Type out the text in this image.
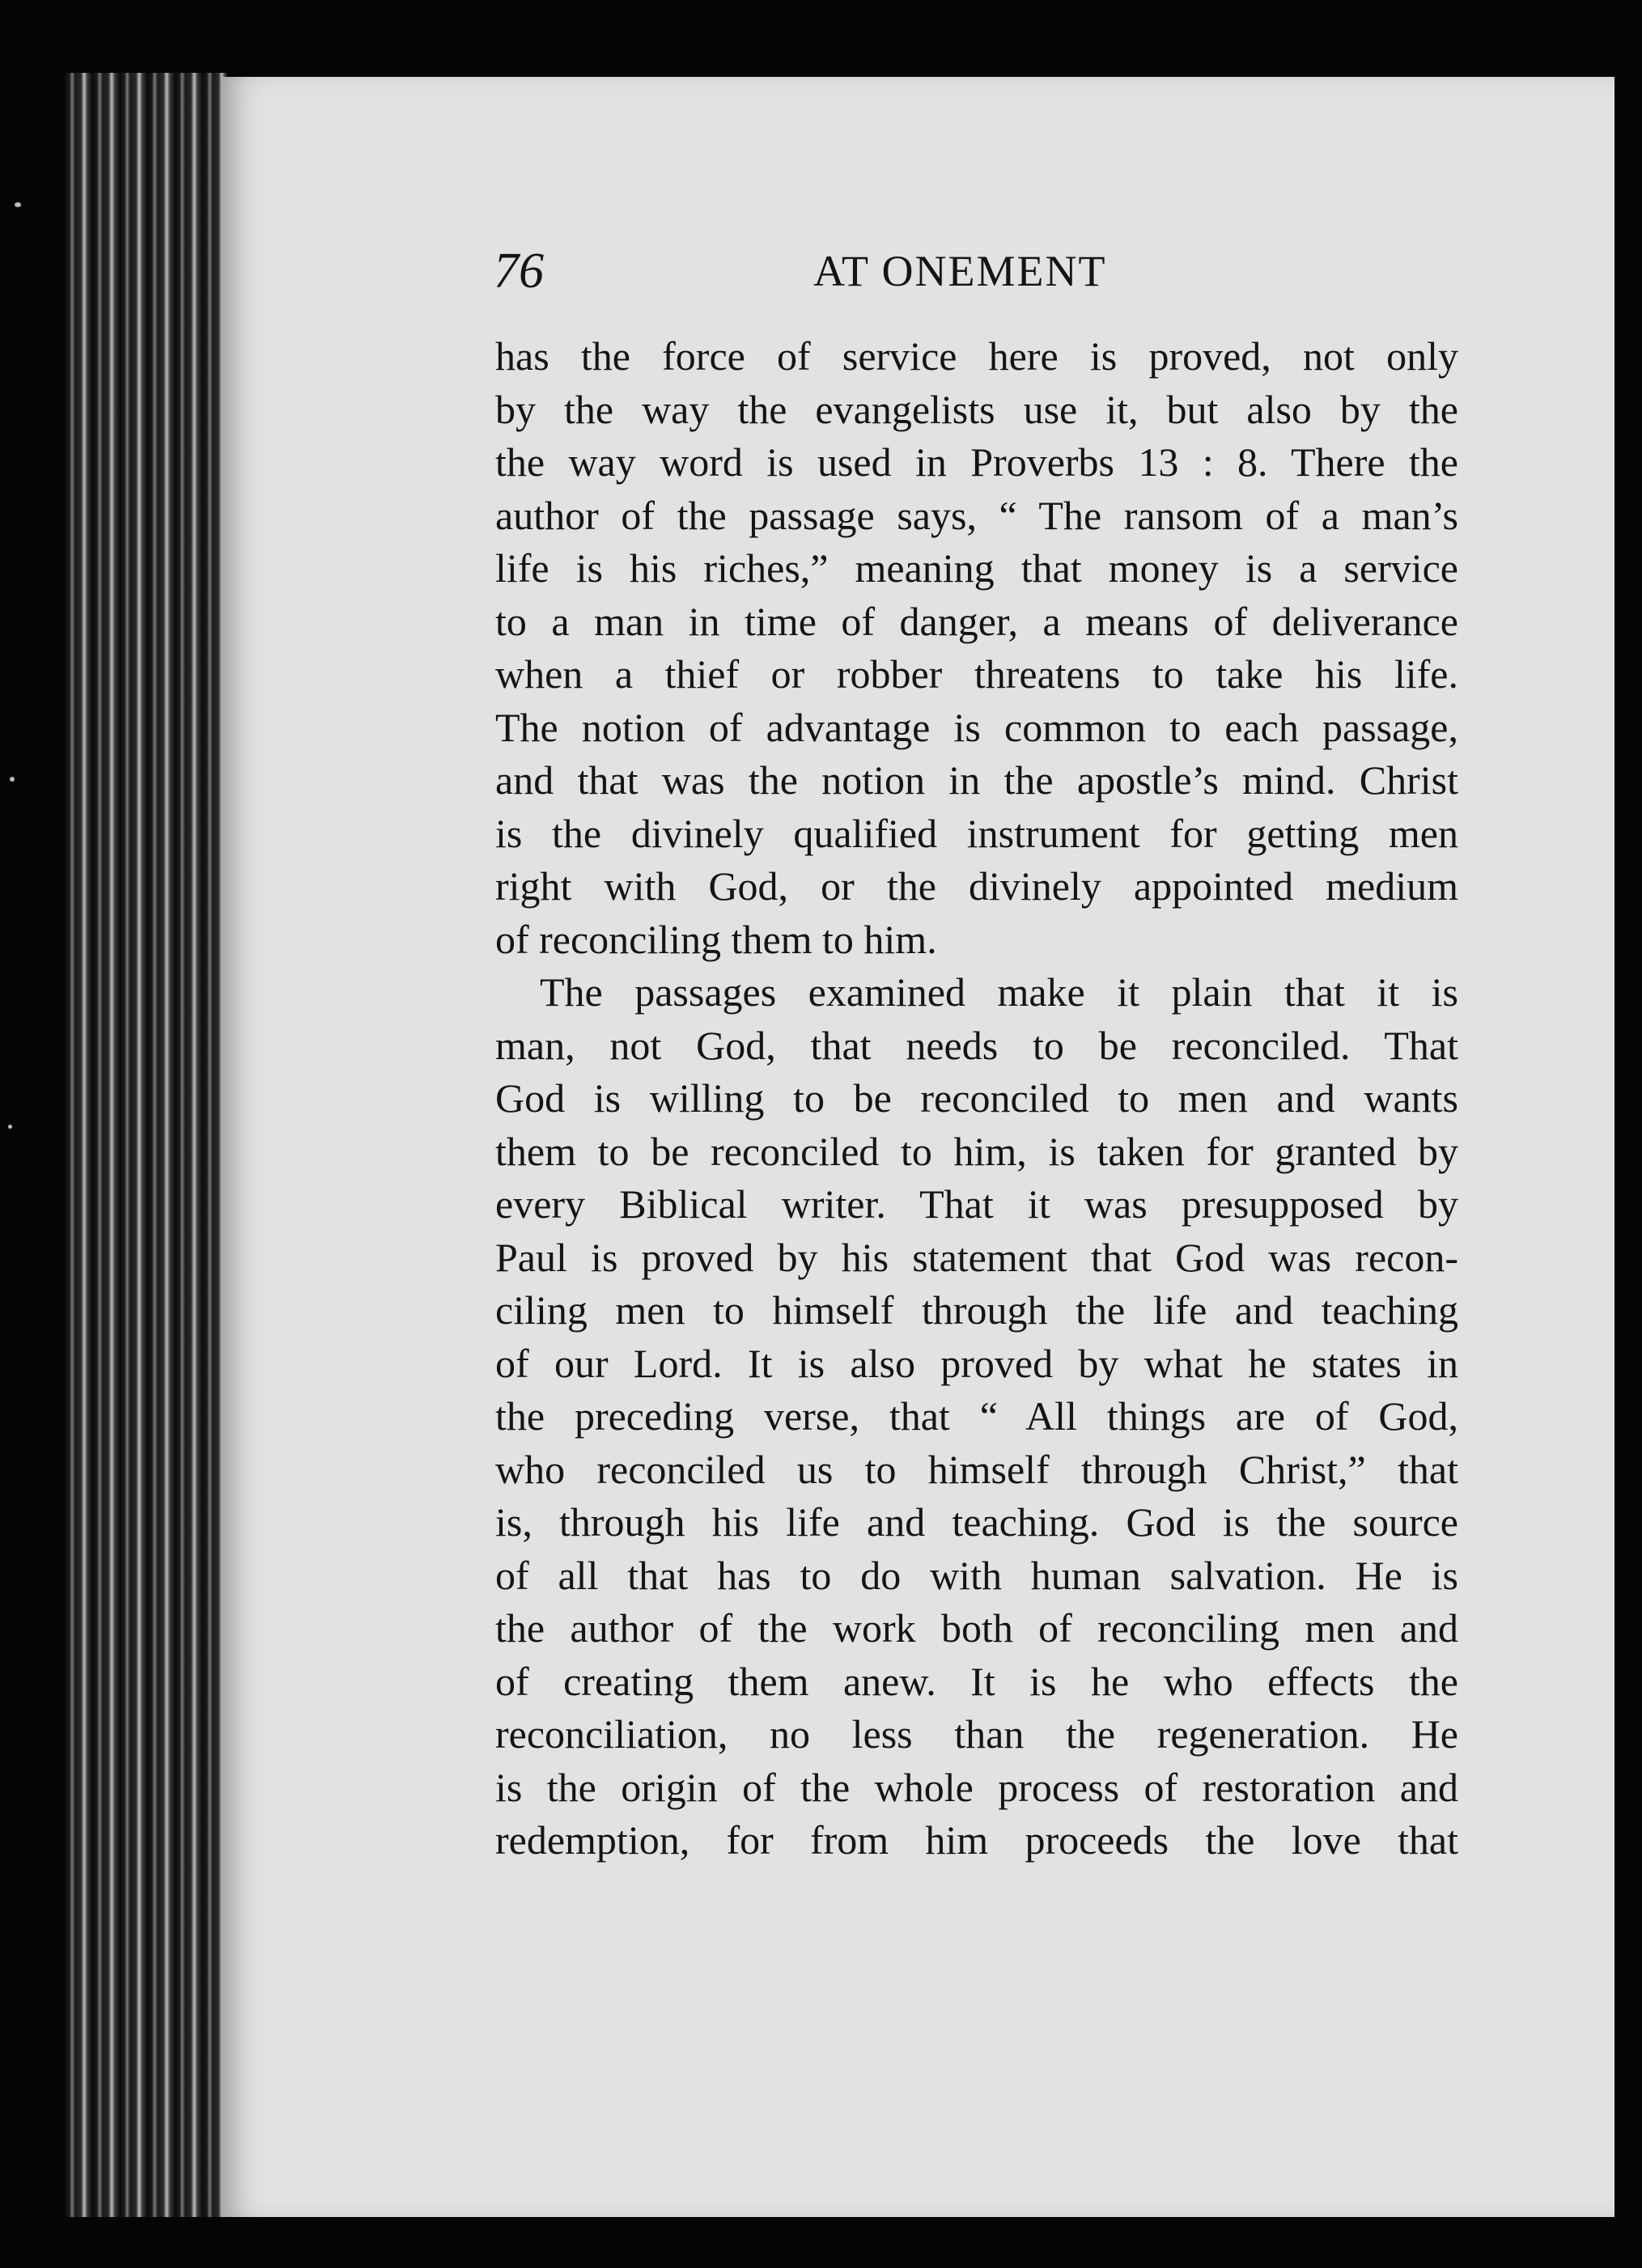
76	AT ONEMENT
has the force of service here is proved, not only
by the way the evangelists use it, but also by the
the way word is used in Proverbs 13 : 8. There the
author of the passage says, “ The ransom of a man’s
life is his riches,” meaning that money is a service
to a man in time of danger, a means of deliverance
when a thief or robber threatens to take his life.
The notion of advantage is common to each passage,
and that was the notion in the apostle’s mind. Christ
is the divinely qualified instrument for getting men
right with God, or the divinely appointed medium
of reconciling them to him.
The passages examined make it plain that it is
man, not God, that needs to be reconciled. That
God is willing to be reconciled to men and wants
them to be reconciled to him, is taken for granted by
every Biblical writer. That it was presupposed by
Paul is proved by his statement that God was recon-
ciling men to himself through the life and teaching
of our Lord. It is also proved by what he states in
the preceding verse, that “ All things are of God,
who reconciled us to himself through Christ,” that
is, through his life and teaching. God is the source
of all that has to do with human salvation. He is
the author of the work both of reconciling men and
of creating them anew. It is he who effects the
reconciliation, no less than the regeneration. He
is the origin of the whole process of restoration and
redemption, for from him proceeds the love that
